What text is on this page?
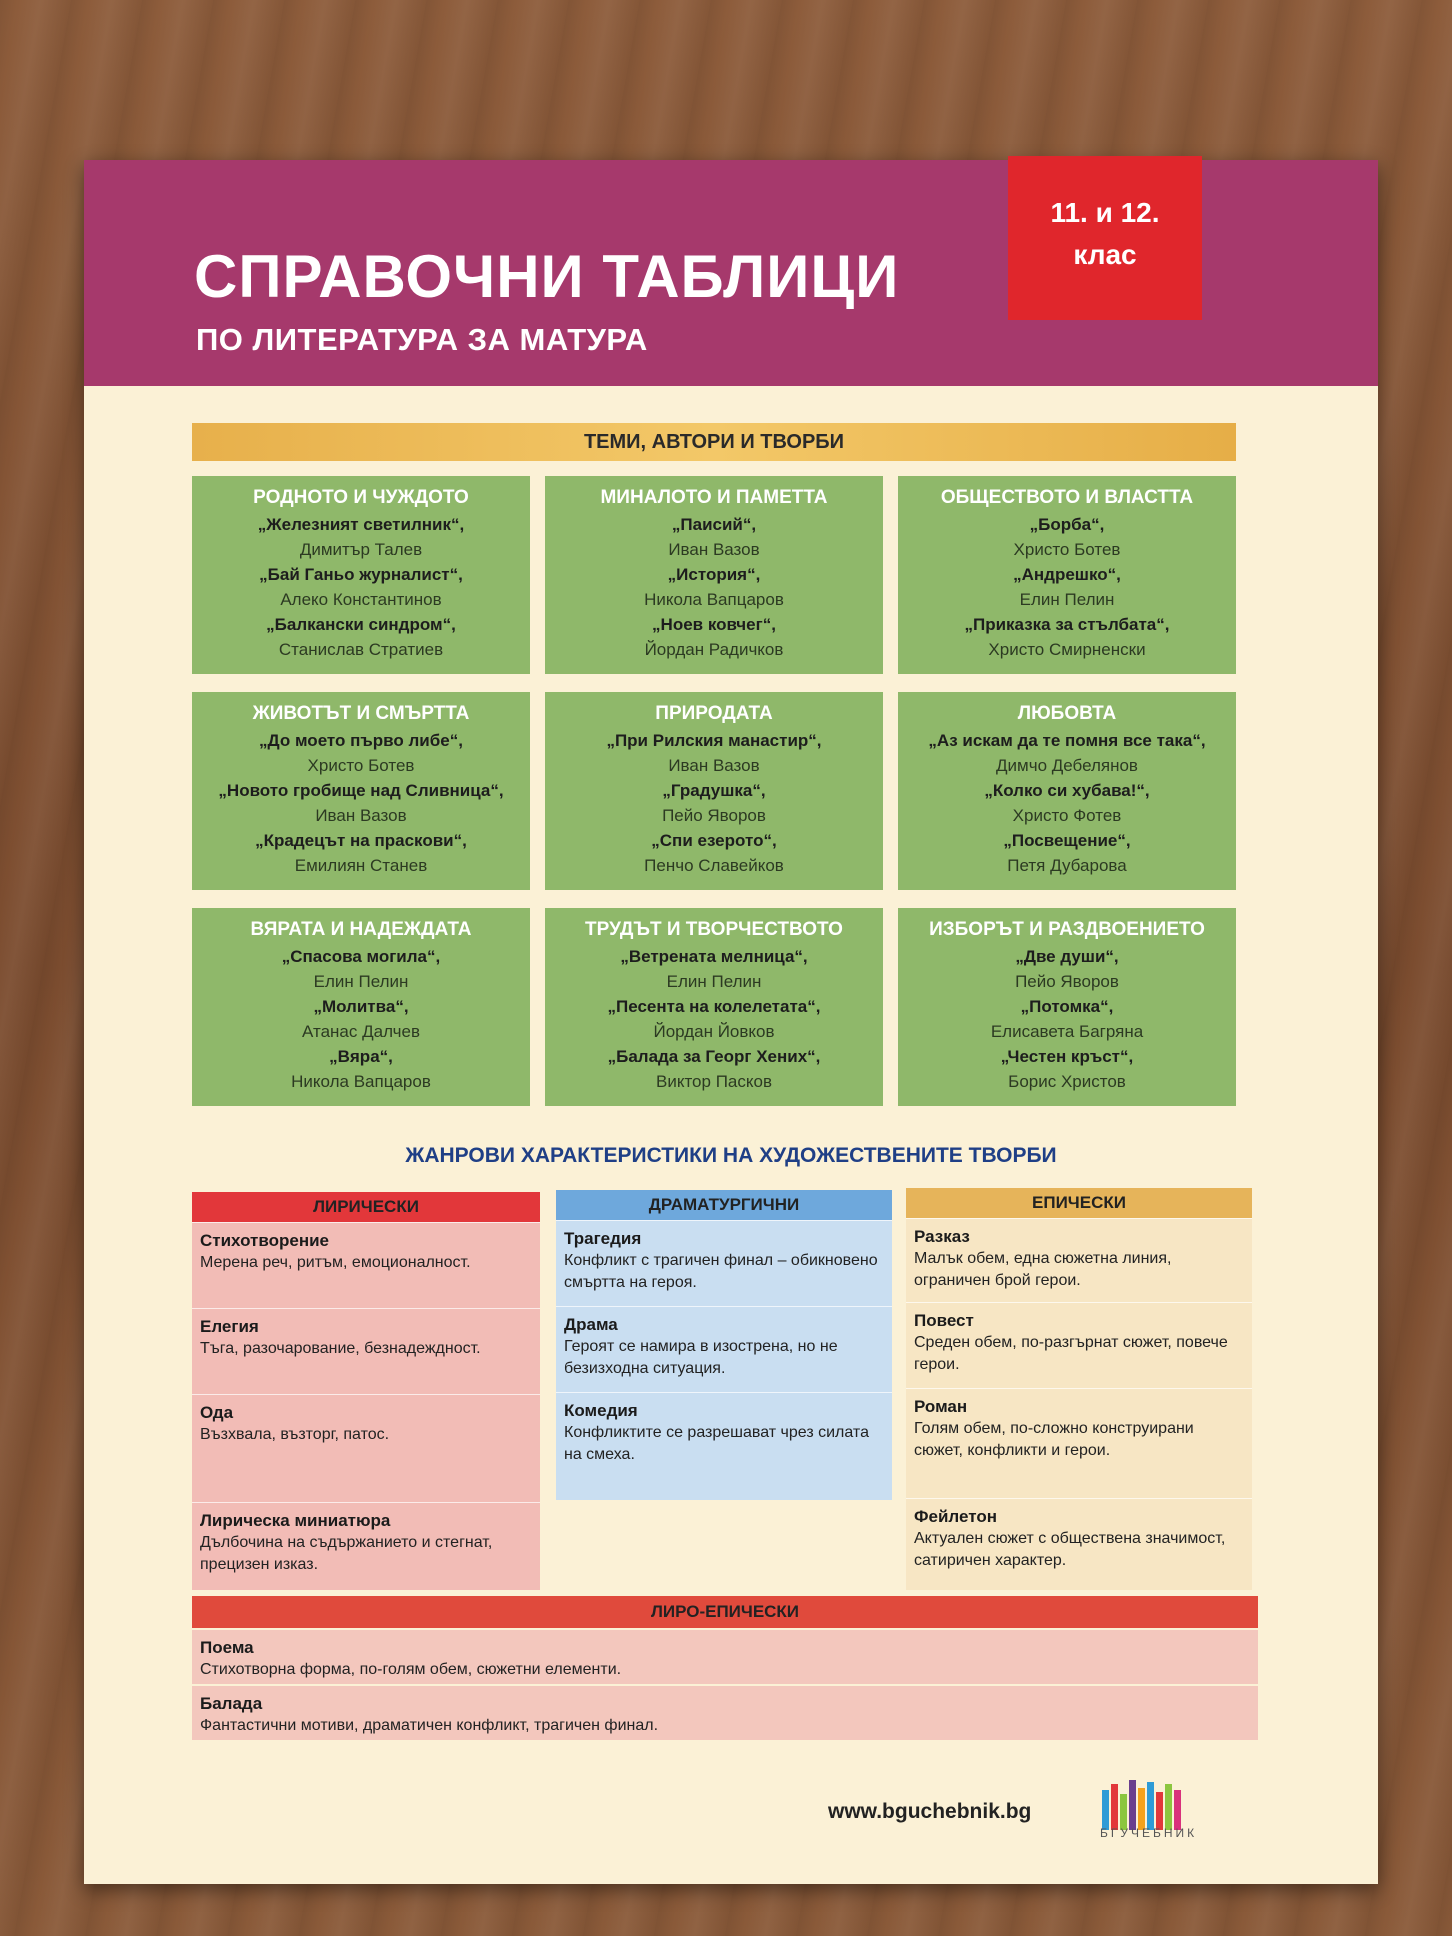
СПРАВОЧНИ ТАБЛИЦИ
ПО ЛИТЕРАТУРА ЗА МАТУРА
11. и 12.
клас
ТЕМИ, АВТОРИ И ТВОРБИ
РОДНОТО И ЧУЖДОТО
„Железният светилник“,
Димитър Талев
„Бай Ганьо журналист“,
Алеко Константинов
„Балкански синдром“,
Станислав Стратиев
МИНАЛОТО И ПАМЕТТА
„Паисий“,
Иван Вазов
„История“,
Никола Вапцаров
„Ноев ковчег“,
Йордан Радичков
ОБЩЕСТВОТО И ВЛАСТТА
„Борба“,
Христо Ботев
„Андрешко“,
Елин Пелин
„Приказка за стълбата“,
Христо Смирненски
ЖИВОТЪТ И СМЪРТТА
„До моето първо либе“,
Христо Ботев
„Новото гробище над Сливница“,
Иван Вазов
„Крадецът на праскови“,
Емилиян Станев
ПРИРОДАТА
„При Рилския манастир“,
Иван Вазов
„Градушка“,
Пейо Яворов
„Спи езерото“,
Пенчо Славейков
ЛЮБОВТА
„Аз искам да те помня все така“,
Димчо Дебелянов
„Колко си хубава!“,
Христо Фотев
„Посвещение“,
Петя Дубарова
ВЯРАТА И НАДЕЖДАТА
„Спасова могила“,
Елин Пелин
„Молитва“,
Атанас Далчев
„Вяра“,
Никола Вапцаров
ТРУДЪТ И ТВОРЧЕСТВОТО
„Ветрената мелница“,
Елин Пелин
„Песента на колелетата“,
Йордан Йовков
„Балада за Георг Хених“,
Виктор Пасков
ИЗБОРЪТ И РАЗДВОЕНИЕТО
„Две души“,
Пейо Яворов
„Потомка“,
Елисавета Багряна
„Честен кръст“,
Борис Христов
ЖАНРОВИ ХАРАКТЕРИСТИКИ НА ХУДОЖЕСТВЕНИТЕ ТВОРБИ
ЛИРИЧЕСКИ
Стихотворение
Мерена реч, ритъм, емоционалност.
Елегия
Тъга, разочарование, безнадеждност.
Ода
Възхвала, възторг, патос.
Лирическа миниатюра
Дълбочина на съдържанието и стегнат, прецизен изказ.
ДРАМАТУРГИЧНИ
Трагедия
Конфликт с трагичен финал – обикновено смъртта на героя.
Драма
Героят се намира в изострена, но не безизходна ситуация.
Комедия
Конфликтите се разрешават чрез силата на смеха.
ЕПИЧЕСКИ
Разказ
Малък обем, една сюжетна линия, ограничен брой герои.
Повест
Среден обем, по-разгърнат сюжет, повече герои.
Роман
Голям обем, по-сложно конструирани сюжет, конфликти и герои.
Фейлетон
Актуален сюжет с обществена значимост, сатиричен характер.
ЛИРО-ЕПИЧЕСКИ
Поема
Стихотворна форма, по-голям обем, сюжетни елементи.
Балада
Фантастични мотиви, драматичен конфликт, трагичен финал.
www.bguchebnik.bg
БГУЧЕБНИК
